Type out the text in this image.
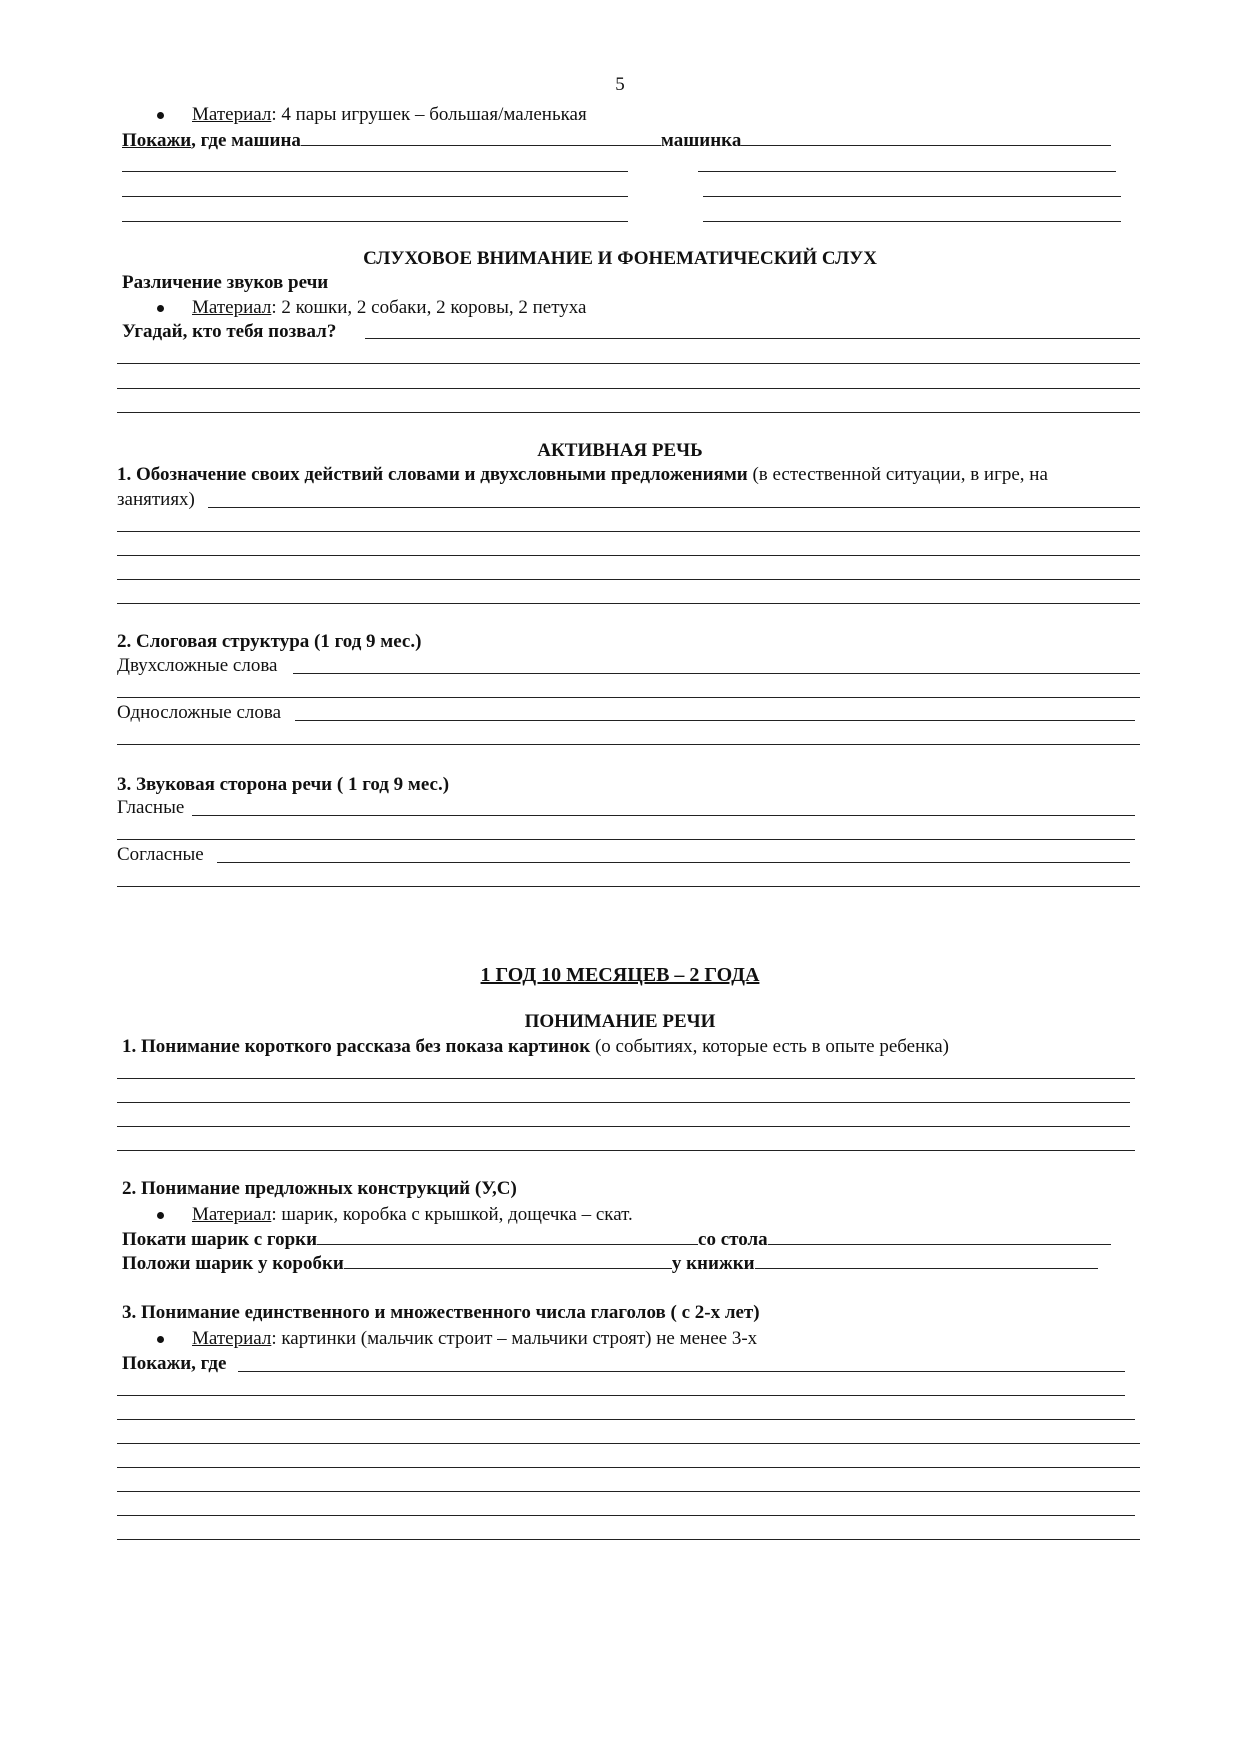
5
Материал: 4 пары игрушек – большая/маленькая
Покажи, где машина	машинка
СЛУХОВОЕ ВНИМАНИЕ И ФОНЕМАТИЧЕСКИЙ СЛУХ
Различение звуков речи
Материал: 2 кошки, 2 собаки, 2 коровы, 2 петуха
Угадай, кто тебя позвал?
АКТИВНАЯ РЕЧЬ
1. Обозначение своих действий словами и двухсловными предложениями (в естественной ситуации, в игре, на
занятиях)
2. Слоговая структура (1 год 9 мес.)
Двухсложные слова
Односложные слова
3. Звуковая сторона речи ( 1 год 9 мес.)
Гласные
Согласные
1 ГОД 10 МЕСЯЦЕВ – 2 ГОДА
ПОНИМАНИЕ РЕЧИ
1. Понимание короткого рассказа без показа картинок (о событиях, которые есть в опыте ребенка)
2. Понимание предложных конструкций (У,С)
Материал: шарик, коробка с крышкой, дощечка – скат.
Покати шарик с горки	со стола
Положи шарик у коробки	у книжки
3. Понимание единственного и множественного числа глаголов ( с 2-х лет)
Материал: картинки (мальчик строит – мальчики строят) не менее 3-х
Покажи, где
